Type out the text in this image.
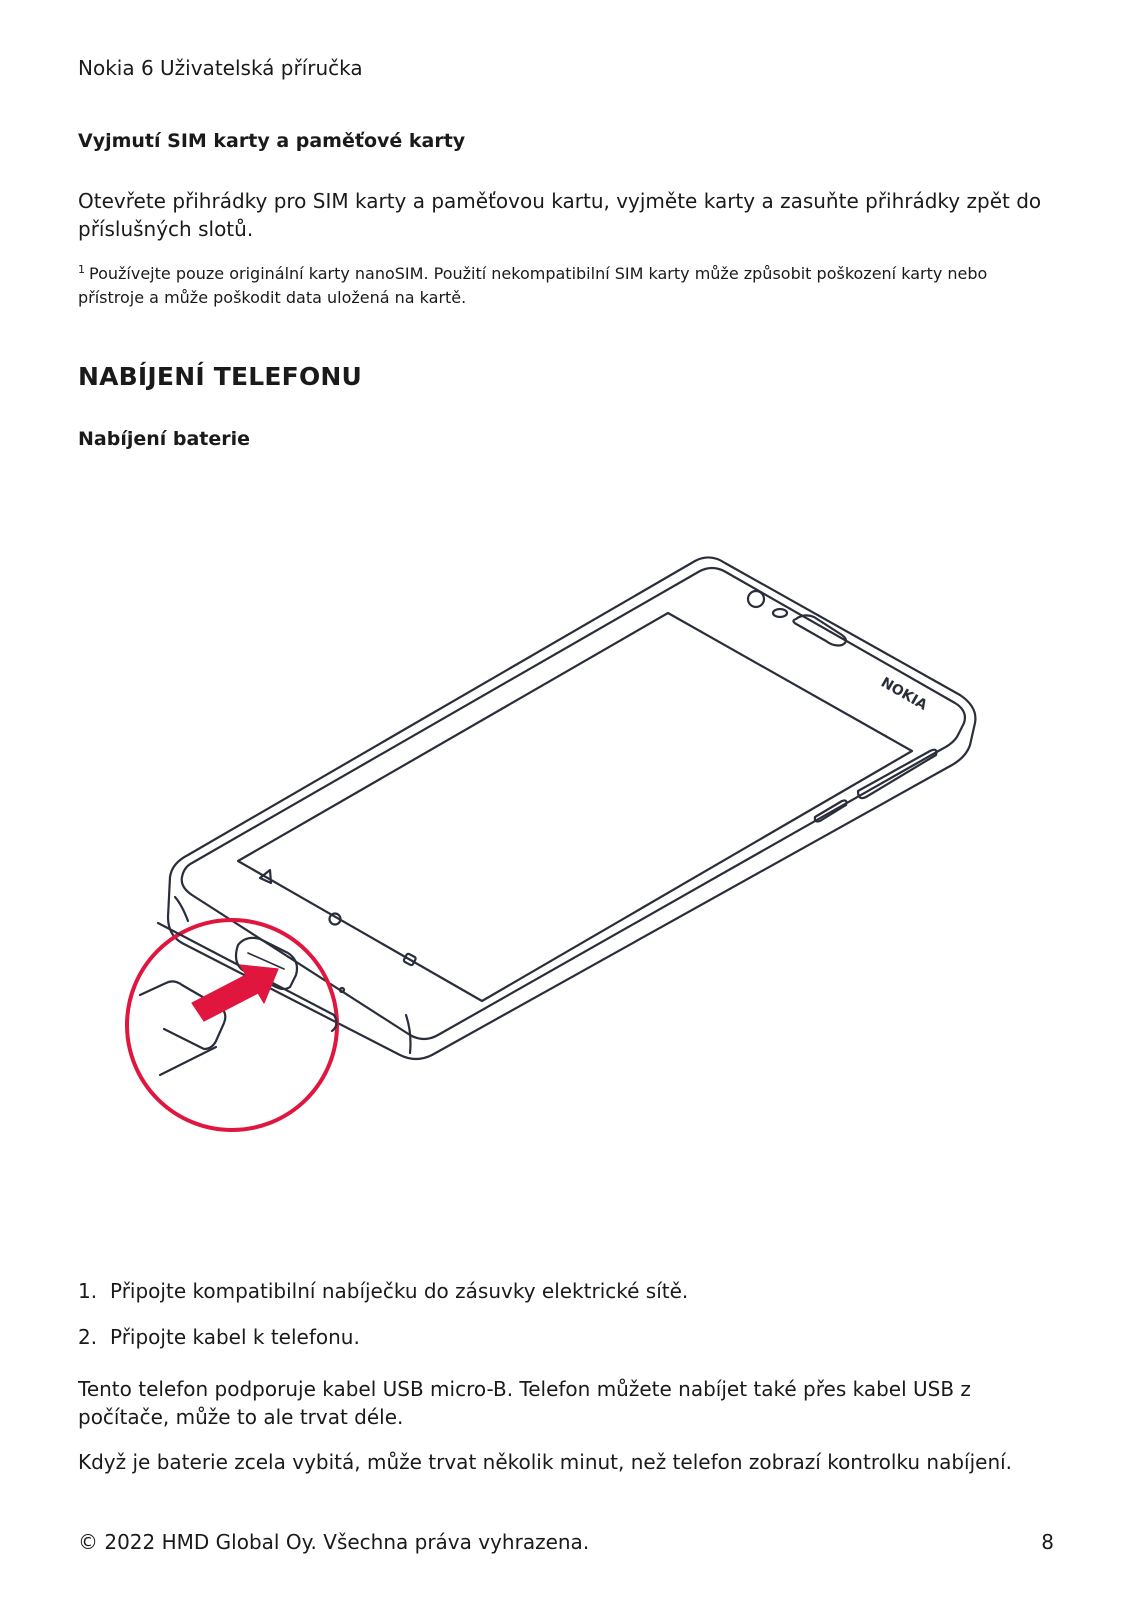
Nokia 6 Uživatelská příručka
Vyjmutí SIM karty a paměťové karty

Otevřete přihrádky pro SIM karty a paměťovou kartu, vyjměte karty a zasuňte přihrádky zpět do příslušných slotů.

$^1$ Používejte pouze originální karty nanoSIM. Použití nekompatibilní SIM karty může způsobit poškození karty nebo přístroje a může poškodit data uložená na kartě.

NABÍJENÍ TELEFONU
Nabíjení baterie
NOKIA
1. Připojte kompatibilní nabíječku do zásuvky elektrické sítě.
2. Připojte kabel k telefonu.

Tento telefon podporuje kabel USB micro-B. Telefon můžete nabíjet také přes kabel USB z počítače, může to ale trvat déle.

Když je baterie zcela vybitá, může trvat několik minut, než telefon zobrazí kontrolku nabíjení.

© 2022 HMD Global Oy. Všechna práva vyhrazena.	8
